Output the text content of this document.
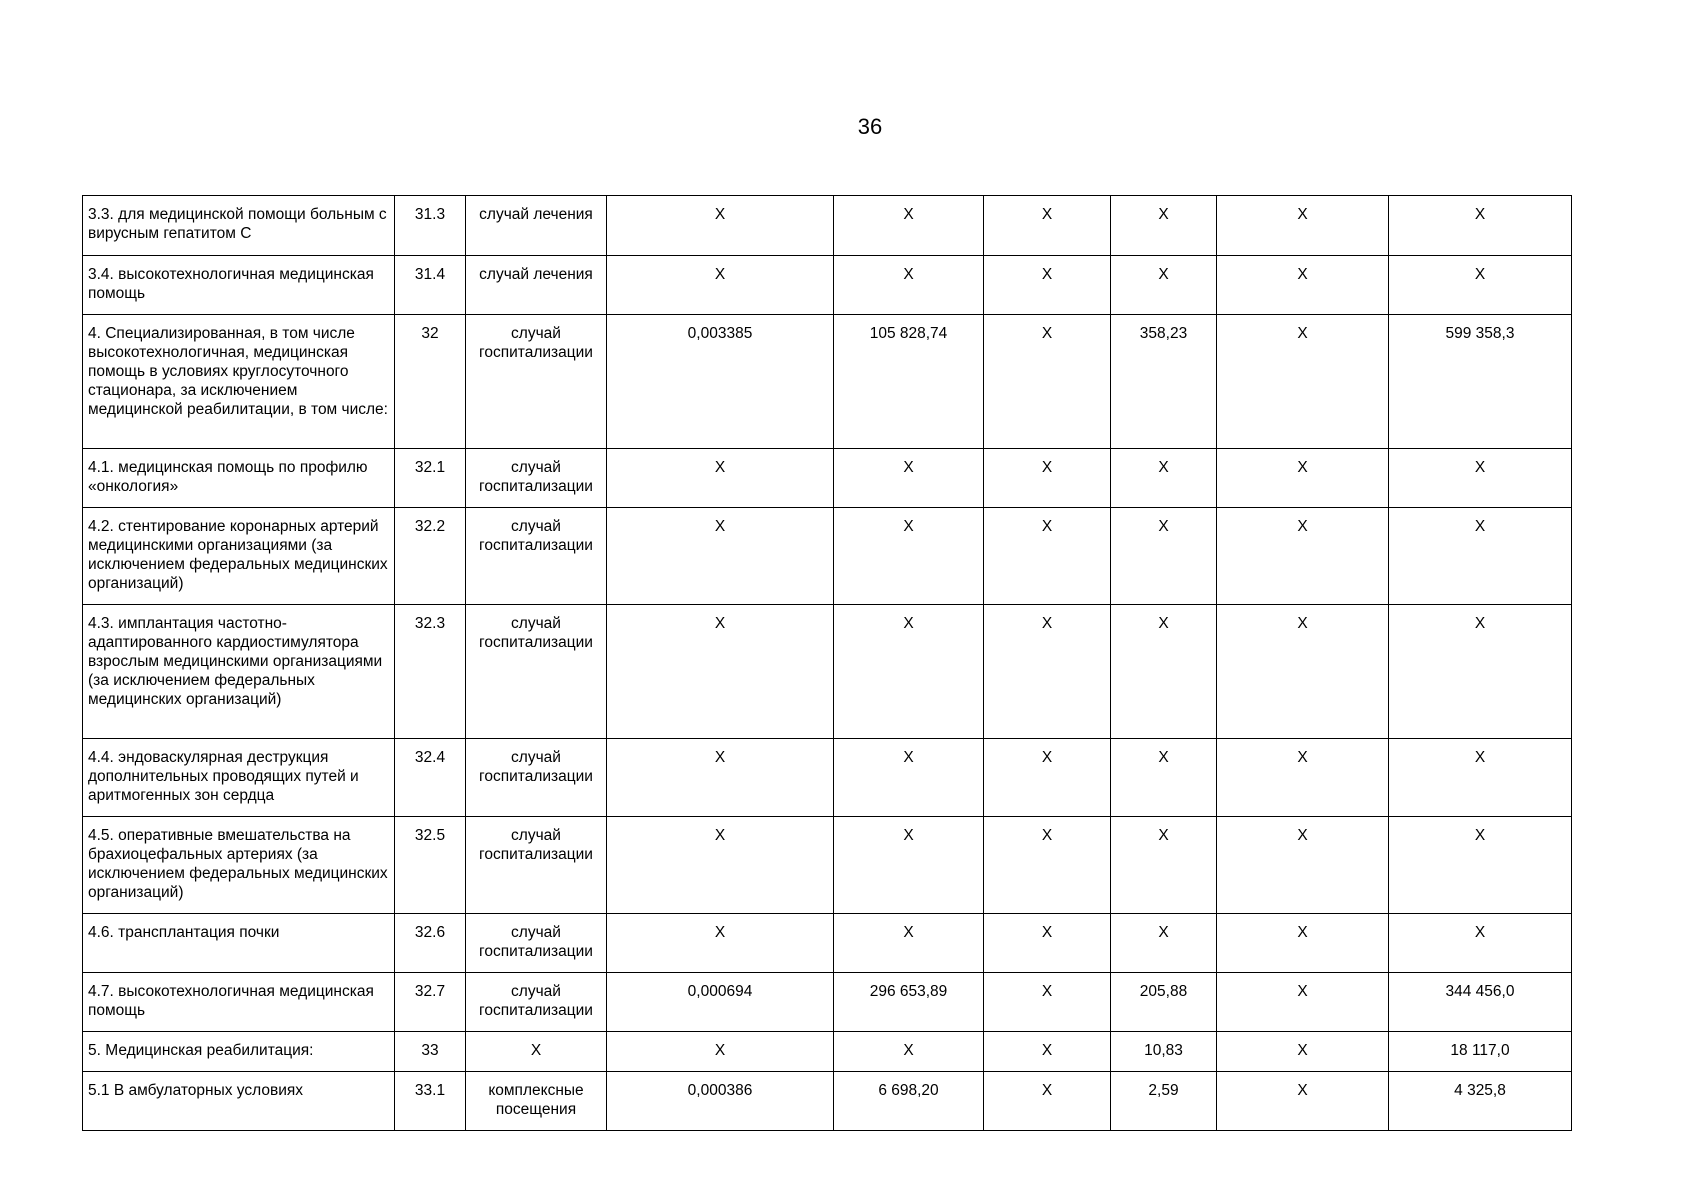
36
3.3. для медицинской помощи больным с вирусным гепатитом С	31.3	случай лечения	Х	Х	Х	Х	Х	Х
3.4. высокотехнологичная медицинская помощь	31.4	случай лечения	Х	Х	Х	Х	Х	Х
4. Специализированная, в том числе высокотехнологичная, медицинская помощь в условиях круглосуточного стационара, за исключением медицинской реабилитации, в том числе:	32	случай госпитализации	0,003385	105 828,74	Х	358,23	Х	599 358,3
4.1. медицинская помощь по профилю «онкология»	32.1	случай госпитализации	Х	Х	Х	Х	Х	Х
4.2. стентирование коронарных артерий медицинскими организациями (за исключением федеральных медицинских организаций)	32.2	случай госпитализации	Х	Х	Х	Х	Х	Х
4.3. имплантация частотно-адаптированного кардиостимулятора взрослым медицинскими организациями (за исключением федеральных медицинских организаций)	32.3	случай госпитализации	Х	Х	Х	Х	Х	Х
4.4. эндоваскулярная деструкция дополнительных проводящих путей и аритмогенных зон сердца	32.4	случай госпитализации	Х	Х	Х	Х	Х	Х
4.5. оперативные вмешательства на брахиоцефальных артериях (за исключением федеральных медицинских организаций)	32.5	случай госпитализации	Х	Х	Х	Х	Х	Х
4.6. трансплантация почки	32.6	случай госпитализации	Х	Х	Х	Х	Х	Х
4.7. высокотехнологичная медицинская помощь	32.7	случай госпитализации	0,000694	296 653,89	Х	205,88	Х	344 456,0
5. Медицинская реабилитация:	33	Х	Х	Х	Х	10,83	Х	18 117,0
5.1 В амбулаторных условиях	33.1	комплексные посещения	0,000386	6 698,20	Х	2,59	Х	4 325,8
